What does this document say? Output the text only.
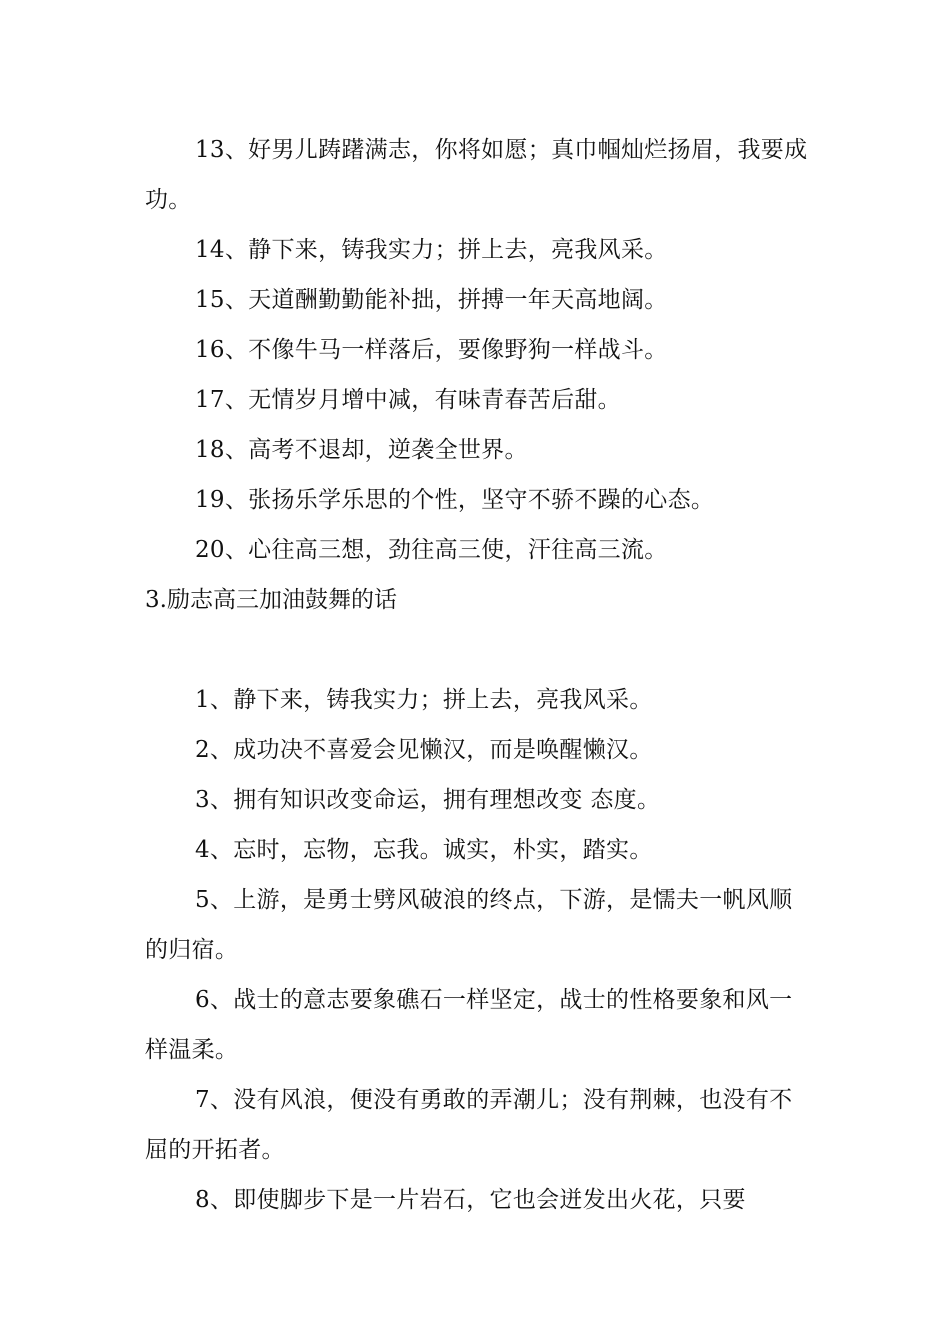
13、好男儿踌躇满志，你将如愿；真巾帼灿烂扬眉，我要成功。

14、静下来，铸我实力；拼上去，亮我风采。

15、天道酬勤勤能补拙，拼搏一年天高地阔。

16、不像牛马一样落后，要像野狗一样战斗。

17、无情岁月增中减，有味青春苦后甜。

18、高考不退却，逆袭全世界。

19、张扬乐学乐思的个性，坚守不骄不躁的心态。

20、心往高三想，劲往高三使，汗往高三流。

3.励志高三加油鼓舞的话

1、静下来，铸我实力；拼上去，亮我风采。

2、成功决不喜爱会见懒汉，而是唤醒懒汉。

3、拥有知识改变命运，拥有理想改变 态度。

4、忘时，忘物，忘我。诚实，朴实，踏实。

5、上游，是勇士劈风破浪的终点，下游，是懦夫一帆风顺的归宿。

6、战士的意志要象礁石一样坚定，战士的性格要象和风一样温柔。

7、没有风浪，便没有勇敢的弄潮儿；没有荆棘，也没有不屈的开拓者。

8、即使脚步下是一片岩石，它也会迸发出火花，只要
